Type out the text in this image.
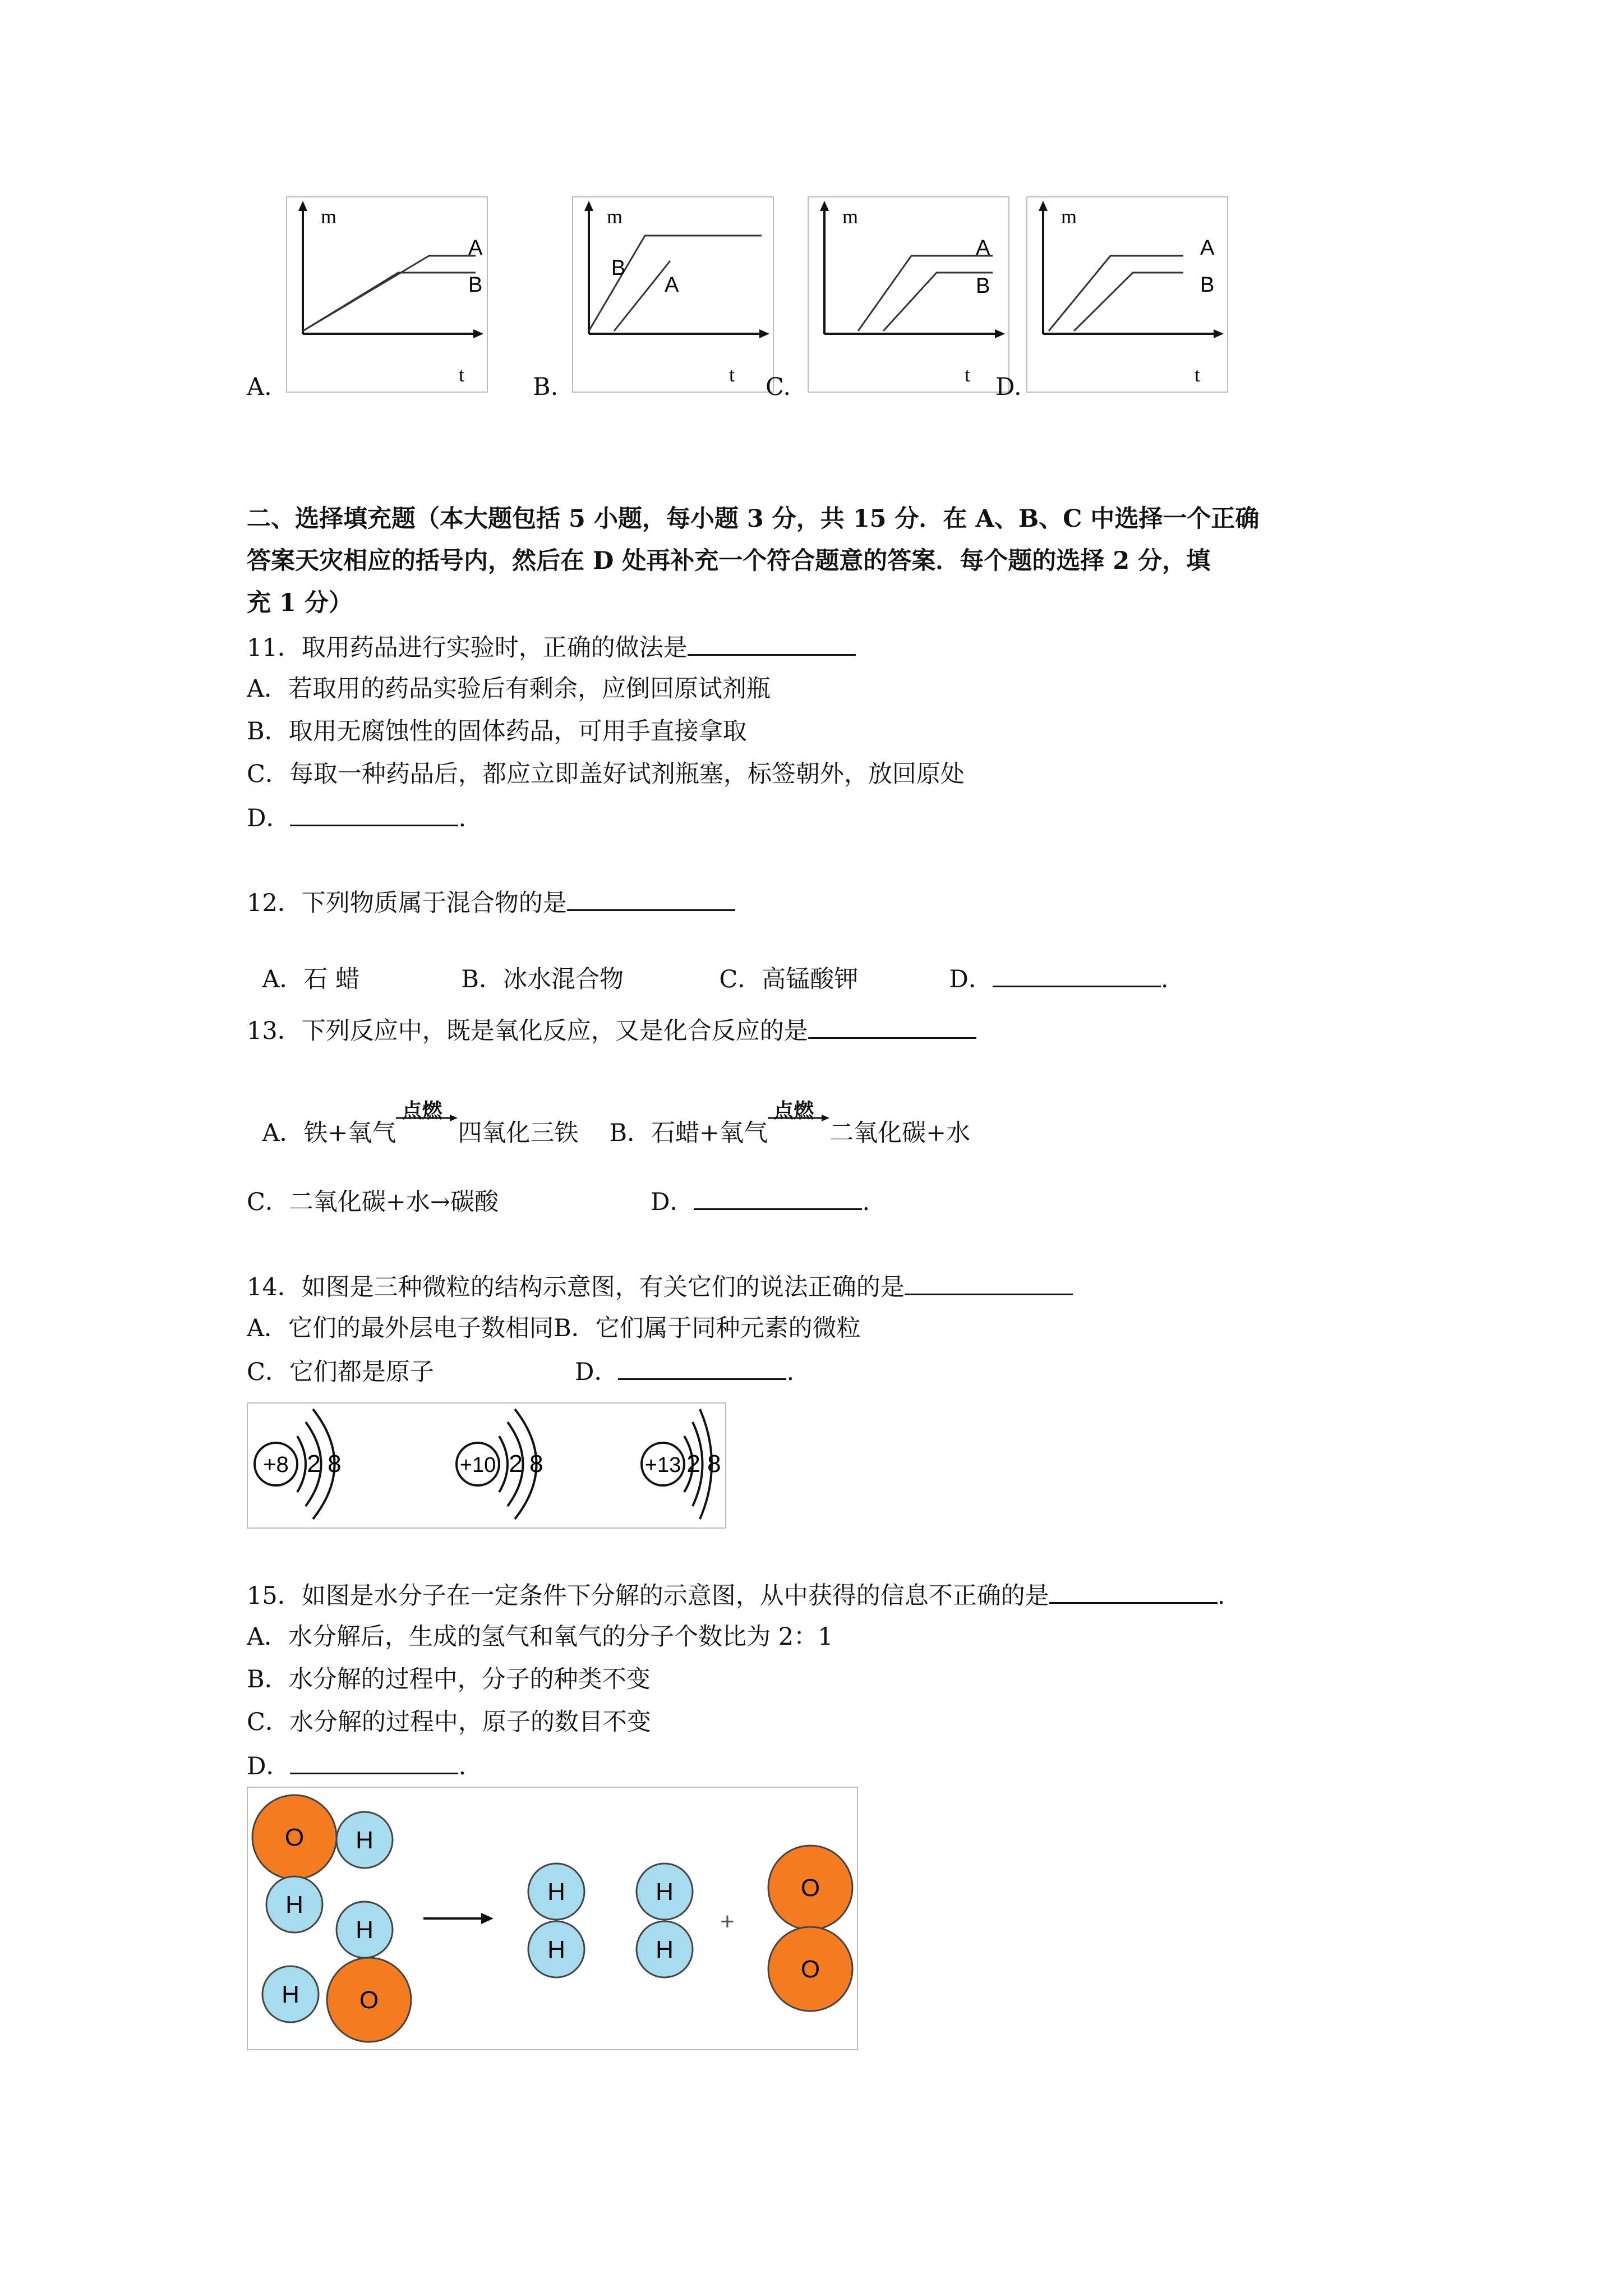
m
t
A
B
m
t
B
A
m
t
A
B
m
t
A
B
A.	B.	C.	D.
二、选择填充题（本大题包括 5 小题，每小题 3 分，共 15 分．在 A、B、C 中选择一个正确
答案天灾相应的括号内，然后在 D 处再补充一个符合题意的答案．每个题的选择 2 分，填
充 1 分）
11．取用药品进行实验时，正确的做法是
A．若取用的药品实验后有剩余，应倒回原试剂瓶
B．取用无腐蚀性的固体药品，可用手直接拿取
C．每取一种药品后，都应立即盖好试剂瓶塞，标签朝外，放回原处
D．	.
12．下列物质属于混合物的是

A．石 蜡	B．冰水混合物	C．高锰酸钾	D．	.

13．下列反应中，既是氧化反应，又是化合反应的是

A．铁+氧气
点燃
四氧化三铁 B．石蜡+氧气
点燃
二氧化碳+水

C．二氧化碳+水→碳酸	D．	.
14．如图是三种微粒的结构示意图，有关它们的说法正确的是
A．它们的最外层电子数相同B．它们属于同种元素的微粒
C．它们都是原子	D．	.
+8 2 8	+10 2 8	+13 2 8
15．如图是水分子在一定条件下分解的示意图，从中获得的信息不正确的是	.
A．水分解后，生成的氢气和氧气的分子个数比为 2：1
B．水分解的过程中，分子的种类不变
C．水分解的过程中，原子的数目不变
D．	.
O H
H
H
O
H
H
H
H
H
+
O
O
